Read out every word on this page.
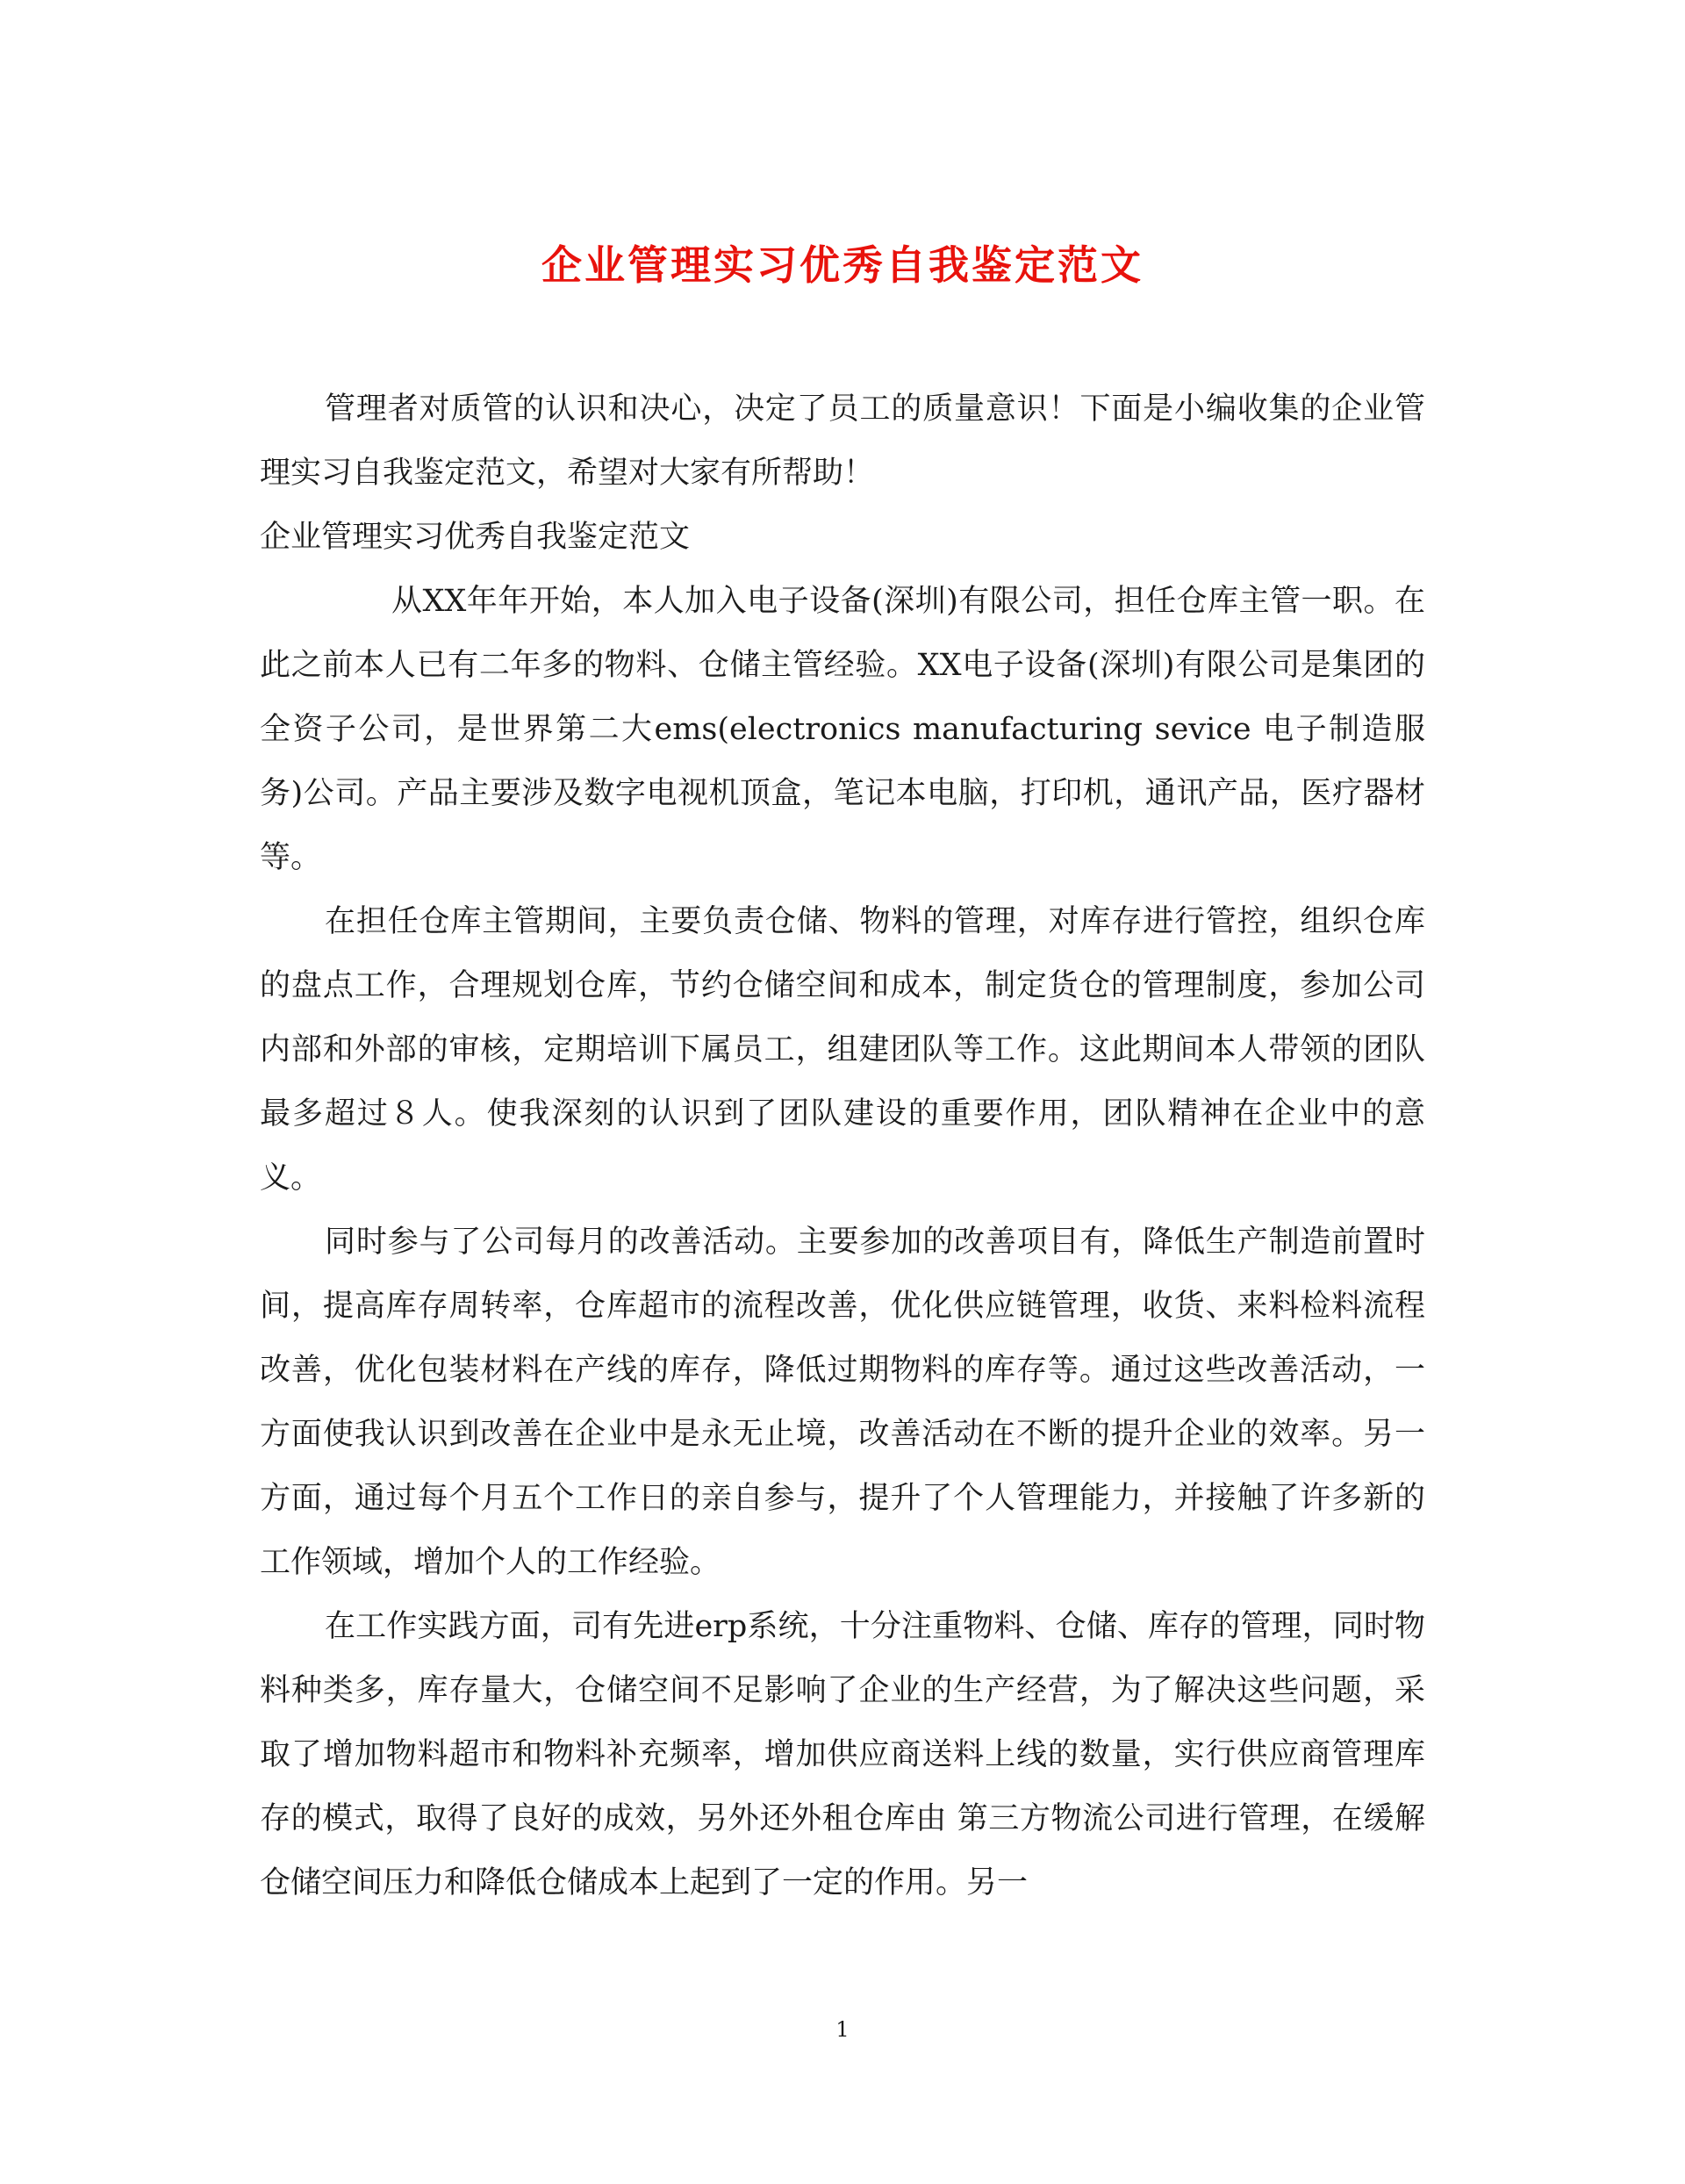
企业管理实习优秀自我鉴定范文

管理者对质管的认识和决心，决定了员工的质量意识！下面是小编收集的企业管理实习自我鉴定范文，希望对大家有所帮助！

企业管理实习优秀自我鉴定范文

从XX年年开始，本人加入电子设备(深圳)有限公司，担任仓库主管一职。在此之前本人已有二年多的物料、仓储主管经验。XX电子设备(深圳)有限公司是集团的全资子公司，是世界第二大ems(electronics manufacturing sevice 电子制造服务)公司。产品主要涉及数字电视机顶盒，笔记本电脑，打印机，通讯产品，医疗器材等。

在担任仓库主管期间，主要负责仓储、物料的管理，对库存进行管控，组织仓库的盘点工作，合理规划仓库，节约仓储空间和成本，制定货仓的管理制度，参加公司内部和外部的审核，定期培训下属员工，组建团队等工作。这此期间本人带领的团队最多超过８人。使我深刻的认识到了团队建设的重要作用，团队精神在企业中的意义。

同时参与了公司每月的改善活动。主要参加的改善项目有，降低生产制造前置时间，提高库存周转率，仓库超市的流程改善，优化供应链管理，收货、来料检料流程改善，优化包装材料在产线的库存，降低过期物料的库存等。通过这些改善活动，一方面使我认识到改善在企业中是永无止境，改善活动在不断的提升企业的效率。另一方面，通过每个月五个工作日的亲自参与，提升了个人管理能力，并接触了许多新的工作领域，增加个人的工作经验。

在工作实践方面，司有先进erp系统，十分注重物料、仓储、库存的管理，同时物料种类多，库存量大，仓储空间不足影响了企业的生产经营，为了解决这些问题，采取了增加物料超市和物料补充频率，增加供应商送料上线的数量，实行供应商管理库存的模式，取得了良好的成效，另外还外租仓库由 第三方物流公司进行管理，在缓解仓储空间压力和降低仓储成本上起到了一定的作用。另一

1
